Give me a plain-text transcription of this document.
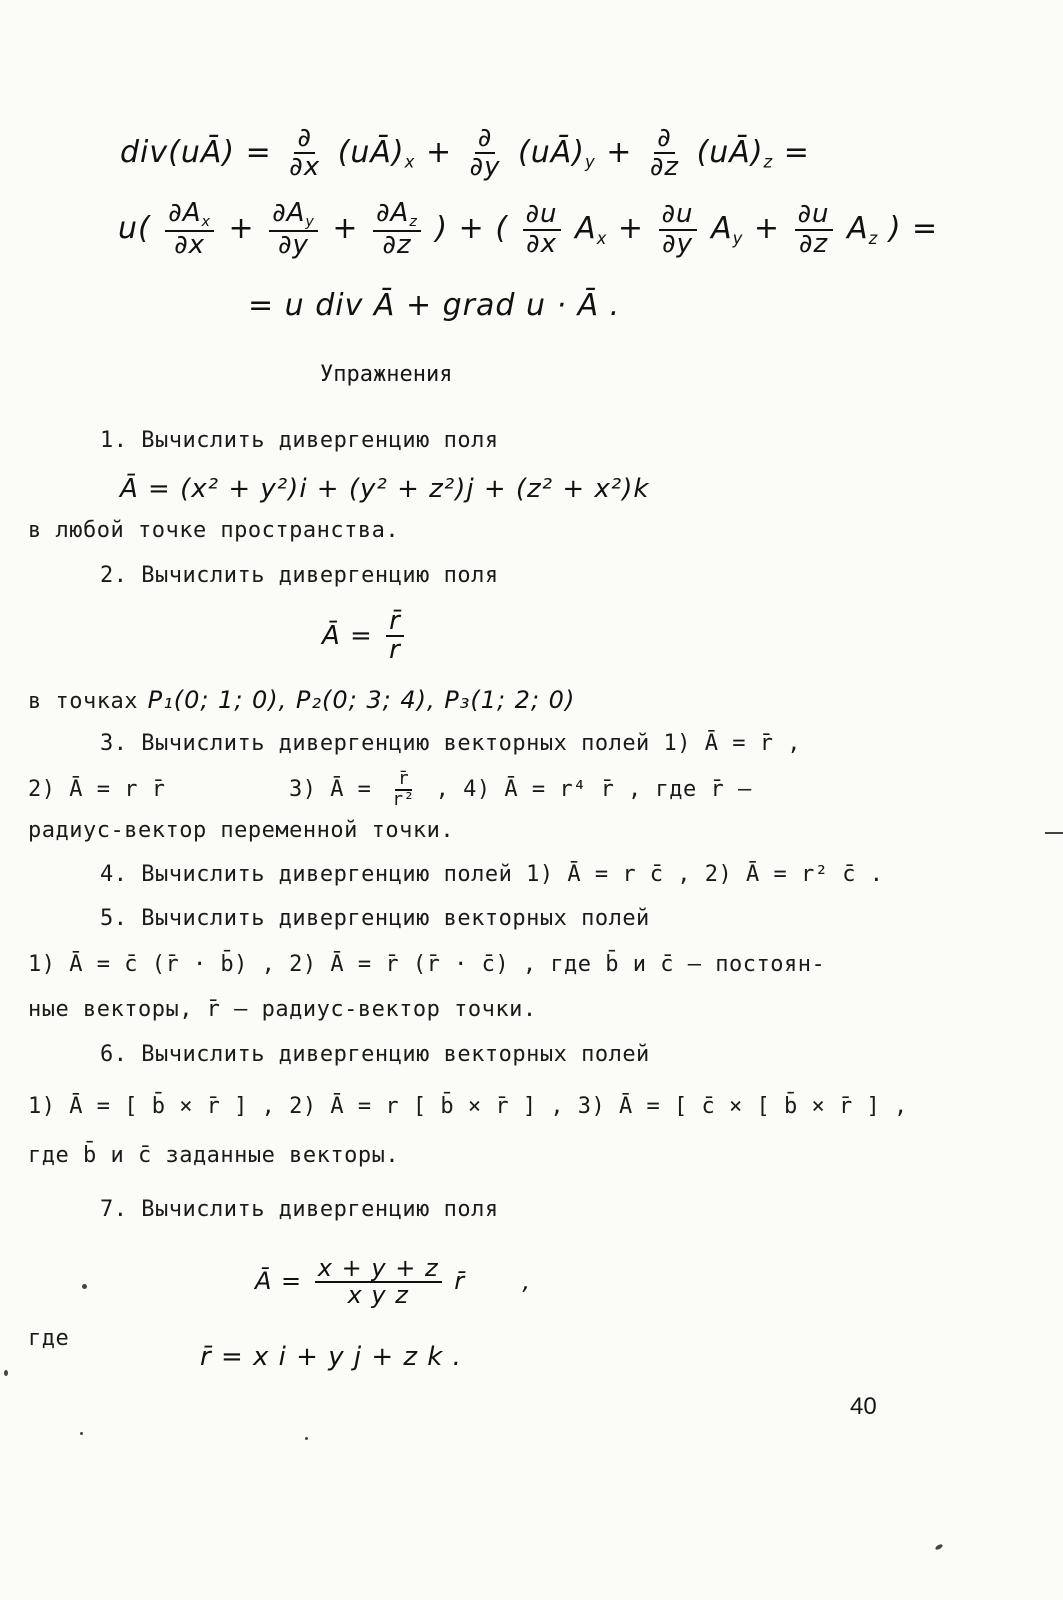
div(uĀ) = $\frac{\partial}{\partial x}$ $(uĀ)_x + \frac{\partial}{\partial y}$ $(uĀ)_y + \frac{\partial}{\partial z}$ $(uĀ)_z$ =
$u( \frac{\partial A_x}{\partial x} + \frac{\partial A_y}{\partial y} + \frac{\partial A_z}{\partial z}$ ) + ( $\frac{\partial u}{\partial x} A_x + \frac{\partial u}{\partial y} A_y + \frac{\partial u}{\partial z} A_z$ ) =
= u div Ā + grad u · Ā .
Упражнения
1. Вычислить дивергенцию поля
Ā = (x² + y²)i + (y² + z²)j + (z² + x²)k
в любой точке пространства.
2. Вычислить дивергенцию поля
Ā = $\frac{r̄}{r}$
в точках P₁(0; 1; 0), P₂(0; 3; 4), P₃(1; 2; 0)
3. Вычислить дивергенцию векторных полей 1) Ā = r̄ ,
2) Ā = r r̄	3) Ā = $\frac{r̄}{\text{r²}}$ , 4) Ā = r⁴ r̄ , где r̄ –
радиус-вектор переменной точки.
4. Вычислить дивергенцию полей 1) Ā = r c̄ , 2) Ā = r² c̄ .
5. Вычислить дивергенцию векторных полей
1) Ā = c̄ (r̄ · b̄) , 2) Ā = r̄ (r̄ · c̄) , где b̄ и c̄ – постоян-
ные векторы, r̄ – радиус-вектор точки.
6. Вычислить дивергенцию векторных полей
1) Ā = [ b̄ × r̄ ] , 2) Ā = r [ b̄ × r̄ ] , 3) Ā = [ c̄ × [ b̄ × r̄ ] ,
где b̄ и c̄ заданные векторы.
7. Вычислить дивергенцию поля
Ā = $\frac{x + y + z}{\text{x y z}}$ r̄ ,
где
r̄ = x i + y j + z k .
40
